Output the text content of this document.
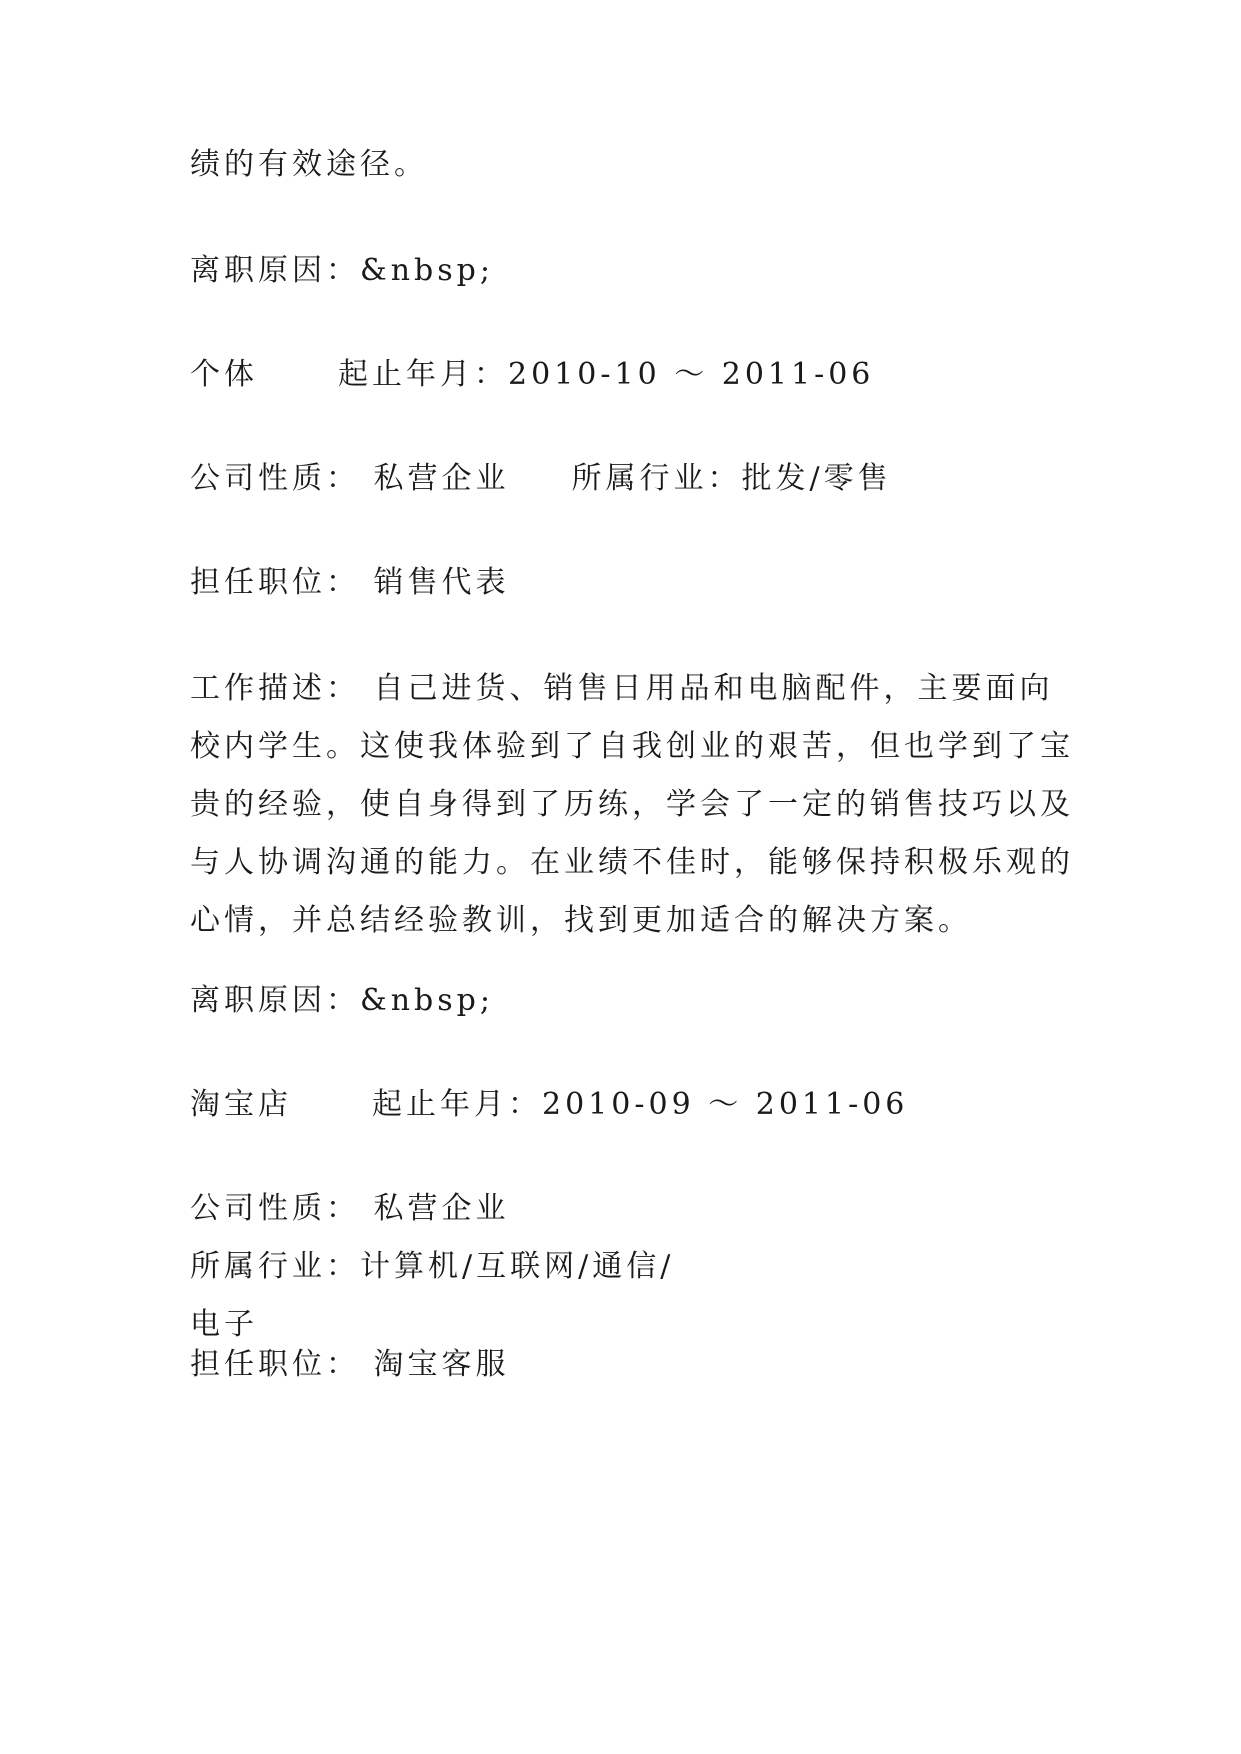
绩的有效途径。
离职原因：&nbsp;
个体	起止年月：2010-10 ～ 2011-06
公司性质： 私营企业 所属行业：批发/零售
担任职位： 销售代表
工作描述： 自己进货、销售日用品和电脑配件，主要面向
校内学生。这使我体验到了自我创业的艰苦，但也学到了宝
贵的经验，使自身得到了历练，学会了一定的销售技巧以及
与人协调沟通的能力。在业绩不佳时，能够保持积极乐观的
心情，并总结经验教训，找到更加适合的解决方案。
离职原因：&nbsp;
淘宝店	起止年月：2010-09 ～ 2011-06
公司性质： 私营企业
所属行业：计算机/互联网/通信/
电子
担任职位： 淘宝客服
